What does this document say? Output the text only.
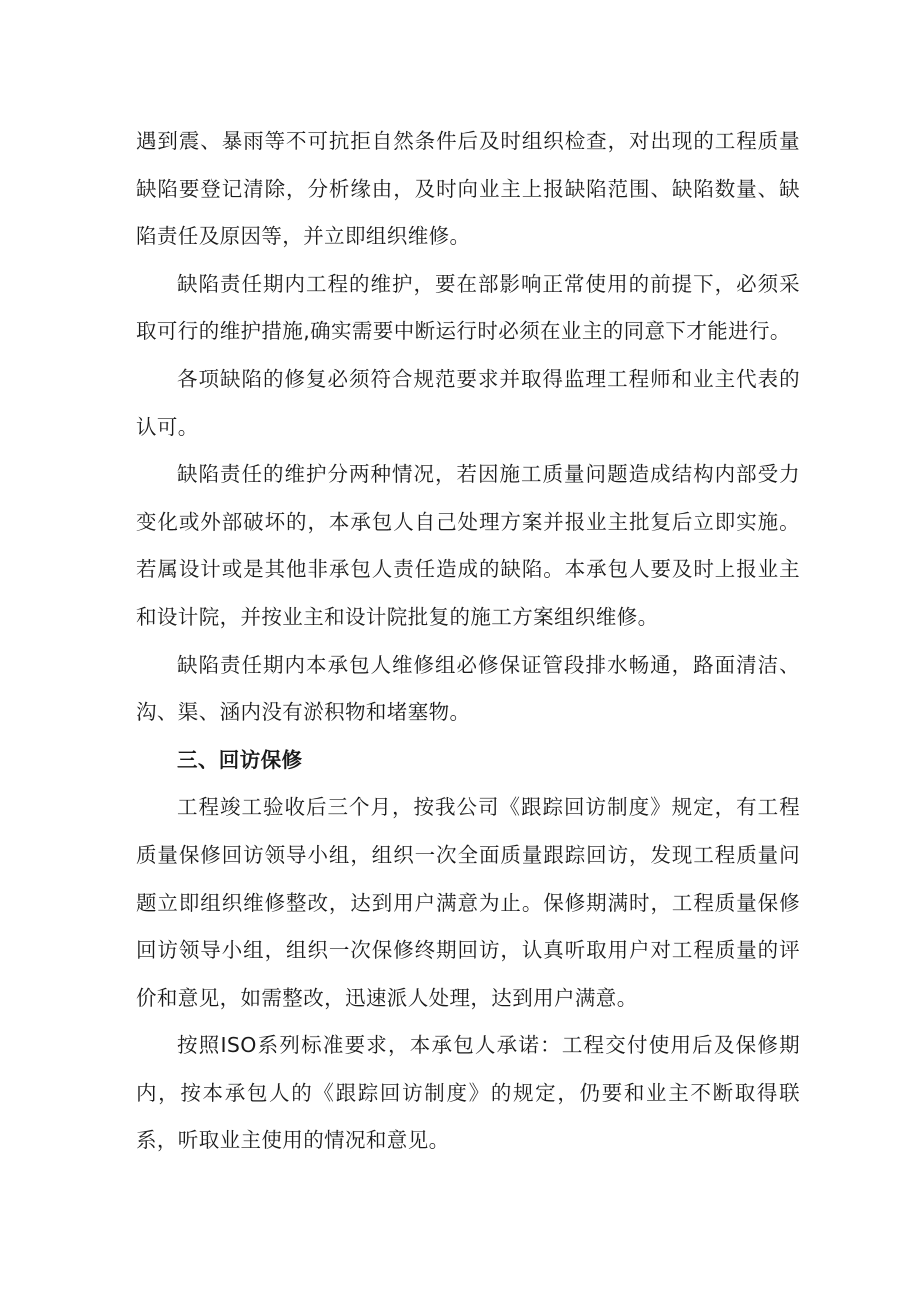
遇到震、暴雨等不可抗拒自然条件后及时组织检查，对出现的工程质量缺陷要登记清除，分析缘由，及时向业主上报缺陷范围、缺陷数量、缺陷责任及原因等，并立即组织维修。

缺陷责任期内工程的维护，要在部影响正常使用的前提下，必须采取可行的维护措施,确实需要中断运行时必须在业主的同意下才能进行。

各项缺陷的修复必须符合规范要求并取得监理工程师和业主代表的认可。

缺陷责任的维护分两种情况，若因施工质量问题造成结构内部受力变化或外部破坏的，本承包人自己处理方案并报业主批复后立即实施。若属设计或是其他非承包人责任造成的缺陷。本承包人要及时上报业主和设计院，并按业主和设计院批复的施工方案组织维修。

缺陷责任期内本承包人维修组必修保证管段排水畅通，路面清洁、沟、渠、涵内没有淤积物和堵塞物。

三、回访保修

工程竣工验收后三个月，按我公司《跟踪回访制度》规定，有工程质量保修回访领导小组，组织一次全面质量跟踪回访，发现工程质量问题立即组织维修整改，达到用户满意为止。保修期满时，工程质量保修回访领导小组，组织一次保修终期回访，认真听取用户对工程质量的评价和意见，如需整改，迅速派人处理，达到用户满意。

按照ISO系列标准要求，本承包人承诺：工程交付使用后及保修期内，按本承包人的《跟踪回访制度》的规定，仍要和业主不断取得联系，听取业主使用的情况和意见。
